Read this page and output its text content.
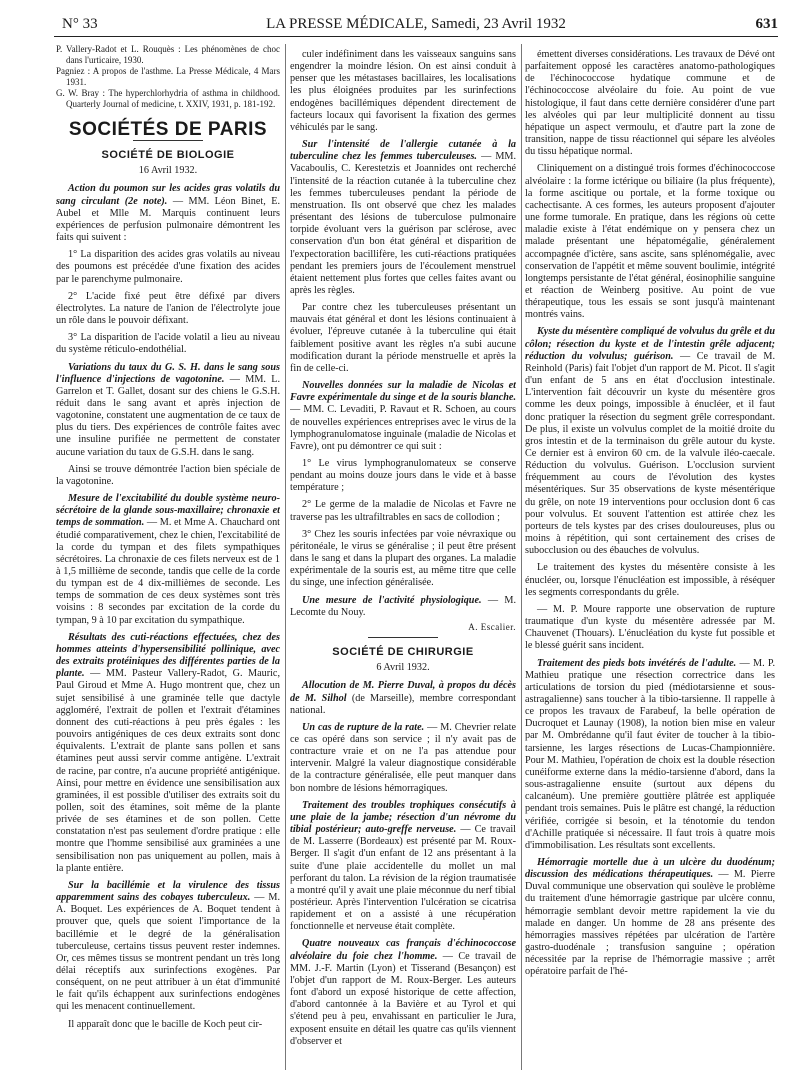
N° 33	LA PRESSE MÉDICALE, Samedi, 23 Avril 1932	631

P. Vallery-Radot et L. Rouquès : Les phénomènes de choc dans l'urticaire, 1930.

Pagniez : A propos de l'asthme. La Presse Médicale, 4 Mars 1931.

G. W. Bray : The hyperchlorhydria of asthma in childhood. Quarterly Journal of medicine, t. XXIV, 1931, p. 181-192.

SOCIÉTÉS DE PARIS
SOCIÉTÉ DE BIOLOGIE
16 Avril 1932.

Action du poumon sur les acides gras volatils du sang circulant (2e note). — MM. Léon Binet, E. Aubel et Mlle M. Marquis continuent leurs expériences de perfusion pulmonaire démontrent les faits qui suivent :

1° La disparition des acides gras volatils au niveau des poumons est précédée d'une fixation des acides par le parenchyme pulmonaire.

2° L'acide fixé peut être défixé par divers électrolytes. La nature de l'anion de l'électrolyte joue un rôle dans le pouvoir défixant.

3° La disparition de l'acide volatil a lieu au niveau du système réticulo-endothélial.

Variations du taux du G. S. H. dans le sang sous l'influence d'injections de vagotonine. — MM. L. Garrelon et T. Gallet, dosant sur des chiens le G.S.H. réduit dans le sang avant et après injection de vagotonine, constatent une augmentation de ce taux de plus du tiers. Des expériences de contrôle faites avec une insuline purifiée ne permettent de constater aucune variation du taux de G.S.H. dans le sang.

Ainsi se trouve démontrée l'action bien spéciale de la vagotonine.

Mesure de l'excitabilité du double système neuro-sécrétoire de la glande sous-maxillaire; chronaxie et temps de sommation. — M. et Mme A. Chauchard ont étudié comparativement, chez le chien, l'excitabilité de la corde du tympan et des filets sympathiques sécrétoires. La chronaxie de ces filets nerveux est de 1 à 1,5 millième de seconde, tandis que celle de la corde du tympan est de 4 dix-millièmes de seconde. Les temps de sommation de ces deux systèmes sont très voisins : 8 secondes par excitation de la corde du tympan, 9 à 10 par excitation du sympathique.

Résultats des cuti-réactions effectuées, chez des hommes atteints d'hypersensibilité pollinique, avec des extraits protéiniques des différentes parties de la plante. — MM. Pasteur Vallery-Radot, G. Mauric, Paul Giroud et Mme A. Hugo montrent que, chez un sujet sensibilisé à une graminée telle que dactyle aggloméré, l'extrait de pollen et l'extrait d'étamines donnent des cuti-réactions à peu près égales : les pouvoirs antigéniques de ces deux extraits sont donc équivalents. L'extrait de plante sans pollen et sans étamines peut aussi servir comme antigène. L'extrait de racine, par contre, n'a aucune propriété antigénique. Ainsi, pour mettre en évidence une sensibilisation aux graminées, il est possible d'utiliser des extraits soit du pollen, soit des étamines, soit même de la plante privée de ses étamines et de son pollen. Cette constatation n'est pas seulement d'ordre pratique : elle montre que l'homme sensibilisé aux graminées a une sensibilisation non pas uniquement au pollen, mais à la plante entière.

Sur la bacillémie et la virulence des tissus apparemment sains des cobayes tuberculeux. — M. A. Boquet. Les expériences de A. Boquet tendent à prouver que, quels que soient l'importance de la bacillémie et le degré de la généralisation tuberculeuse, certains tissus peuvent rester indemnes. Or, ces mêmes tissus se montrent pendant un très long délai réceptifs aux surinfections exogènes. Par conséquent, on ne peut attribuer à un état d'immunité le fait qu'ils échappent aux surinfections endogènes qui les menacent continuellement.

Il apparaît donc que le bacille de Koch peut cir-

culer indéfiniment dans les vaisseaux sanguins sans engendrer la moindre lésion. On est ainsi conduit à penser que les métastases bacillaires, les localisations les plus éloignées produites par les surinfections endogènes bacillémiques dépendent directement de facteurs locaux qui favorisent la fixation des germes véhiculés par le sang.

Sur l'intensité de l'allergie cutanée à la tuberculine chez les femmes tuberculeuses. — MM. Vacaboulis, C. Kerestetzis et Joannides ont recherché l'intensité de la réaction cutanée à la tuberculine chez les femmes tuberculeuses pendant la période de menstruation. Ils ont observé que chez les malades présentant des lésions de tuberculose pulmonaire torpide évoluant vers la guérison par sclérose, avec conservation d'un bon état général et disparition de l'expectoration bacillifère, les cuti-réactions pratiquées pendant les premiers jours de l'écoulement menstruel étaient nettement plus fortes que celles faites avant ou après les règles.

Par contre chez les tuberculeuses présentant un mauvais état général et dont les lésions continuaient à évoluer, l'épreuve cutanée à la tuberculine qui était faiblement positive avant les règles n'a subi aucune modification durant la période menstruelle et après la fin de celle-ci.

Nouvelles données sur la maladie de Nicolas et Favre expérimentale du singe et de la souris blanche. — MM. C. Levaditi, P. Ravaut et R. Schoen, au cours de nouvelles expériences entreprises avec le virus de la lymphogranulomatose inguinale (maladie de Nicolas et Favre), ont pu démontrer ce qui suit :

1° Le virus lymphogranulomateux se conserve pendant au moins douze jours dans le vide et à basse température ;

2° Le germe de la maladie de Nicolas et Favre ne traverse pas les ultrafiltrables en sacs de collodion ;

3° Chez les souris infectées par voie névraxique ou péritonéale, le virus se généralise ; il peut être présent dans le sang et dans la plupart des organes. La maladie expérimentale de la souris est, au même titre que celle du singe, une infection généralisée.

Une mesure de l'activité physiologique. — M. Lecomte du Nouy.

A. Escalier.
SOCIÉTÉ DE CHIRURGIE
6 Avril 1932.

Allocution de M. Pierre Duval, à propos du décès de M. Silhol (de Marseille), membre correspondant national.

Un cas de rupture de la rate. — M. Chevrier relate ce cas opéré dans son service ; il n'y avait pas de contracture vraie et on ne l'a pas attendue pour intervenir. Malgré la valeur diagnostique considérable de la contracture généralisée, elle peut manquer dans bon nombre de lésions hémorragiques.

Traitement des troubles trophiques consécutifs à une plaie de la jambe; résection d'un névrome du tibial postérieur; auto-greffe nerveuse. — Ce travail de M. Lasserre (Bordeaux) est présenté par M. Roux-Berger. Il s'agit d'un enfant de 12 ans présentant à la suite d'une plaie accidentelle du mollet un mal perforant du talon. La révision de la région traumatisée a montré qu'il y avait une plaie méconnue du nerf tibial postérieur. Après l'intervention l'ulcération se cicatrisa rapidement et on a assisté à une récupération fonctionnelle et nerveuse était complète.

Quatre nouveaux cas français d'échinococcose alvéolaire du foie chez l'homme. — Ce travail de MM. J.-F. Martin (Lyon) et Tisserand (Besançon) est l'objet d'un rapport de M. Roux-Berger. Les auteurs font d'abord un exposé historique de cette affection, d'abord cantonnée à la Bavière et au Tyrol et qui s'étend peu à peu, envahissant en particulier le Jura, exposent ensuite en détail les quatre cas qu'ils viennent d'observer et

émettent diverses considérations. Les travaux de Dévé ont parfaitement opposé les caractères anatomo-pathologiques de l'échinococcose hydatique commune et de l'échinococcose alvéolaire du foie. Au point de vue histologique, il faut dans cette dernière considérer d'une part les alvéoles qui par leur multiplicité donnent au tissu hépatique un aspect vermoulu, et d'autre part la zone de transition, nappe de tissu réactionnel qui sépare les alvéoles du tissu hépatique normal.

Cliniquement on a distingué trois formes d'échinococcose alvéolaire : la forme ictérique ou biliaire (la plus fréquente), la forme ascitique ou portale, et la forme toxique ou cachectisante. A ces formes, les auteurs proposent d'ajouter une forme tumorale. En pratique, dans les régions où cette maladie existe à l'état endémique on y pensera chez un malade présentant une hépatomégalie, généralement accompagnée d'ictère, sans ascite, sans splénomégalie, avec conservation de l'appétit et même souvent boulimie, intégrité longtemps persistante de l'état général, éosinophilie sanguine et réaction de Weinberg positive. Au point de vue thérapeutique, tous les essais se sont jusqu'à maintenant montrés vains.

Kyste du mésentère compliqué de volvulus du grêle et du côlon; résection du kyste et de l'intestin grêle adjacent; réduction du volvulus; guérison. — Ce travail de M. Reinhold (Paris) fait l'objet d'un rapport de M. Picot. Il s'agit d'un enfant de 5 ans en état d'occlusion intestinale. L'intervention fait découvrir un kyste du mésentère gros comme les deux poings, impossible à énucléer, et il faut donc pratiquer la résection du segment grêle correspondant. De plus, il existe un volvulus complet de la moitié droite du gros intestin et de la terminaison du grêle autour du kyste. Ce dernier est à environ 60 cm. de la valvule iléo-caecale. Réduction du volvulus. Guérison. L'occlusion survient fréquemment au cours de l'évolution des kystes mésentériques. Sur 35 observations de kyste mésentérique du grêle, on note 19 interventions pour occlusion dont 6 cas pour volvulus. Et souvent l'attention est attirée chez les porteurs de tels kystes par des crises douloureuses, plus ou moins à répétition, qui sont certainement des crises de subocclusion ou des ébauches de volvulus.

Le traitement des kystes du mésentère consiste à les énucléer, ou, lorsque l'énucléation est impossible, à réséquer les segments correspondants du grêle.

— M. P. Moure rapporte une observation de rupture traumatique d'un kyste du mésentère adressée par M. Chauvenet (Thouars). L'énucléation du kyste fut possible et le blessé guérit sans incident.

Traitement des pieds bots invétérés de l'adulte. — M. P. Mathieu pratique une résection correctrice dans les articulations de torsion du pied (médiotarsienne et sous-astragalienne) sans toucher à la tibio-tarsienne. Il rappelle à ce propos les travaux de Farabeuf, la belle opération de Ducroquet et Launay (1908), la notion bien mise en valeur par M. Ombrédanne qu'il faut éviter de toucher à la tibio-tarsienne, les larges résections de Lucas-Championnière. Pour M. Mathieu, l'opération de choix est la double résection cunéiforme externe dans la médio-tarsienne d'abord, dans la sous-astragalienne ensuite (surtout aux dépens du calcanéum). Une première gouttière plâtrée est appliquée pendant trois semaines. Puis le plâtre est changé, la réduction vérifiée, corrigée si besoin, et la ténotomie du tendon d'Achille pratiquée si nécessaire. Il faut trois à quatre mois d'immobilisation. Les résultats sont excellents.

Hémorragie mortelle due à un ulcère du duodénum; discussion des médications thérapeutiques. — M. Pierre Duval communique une observation qui soulève le problème du traitement d'une hémorragie gastrique par ulcère connu, hémorragie semblant devoir mettre rapidement la vie du malade en danger. Un homme de 28 ans présente des hémorragies massives répétées par ulcération de l'artère gastro-duodénale ; transfusion sanguine ; opération nécessitée par la reprise de l'hémorragie massive ; arrêt opératoire parfait de l'hé-
